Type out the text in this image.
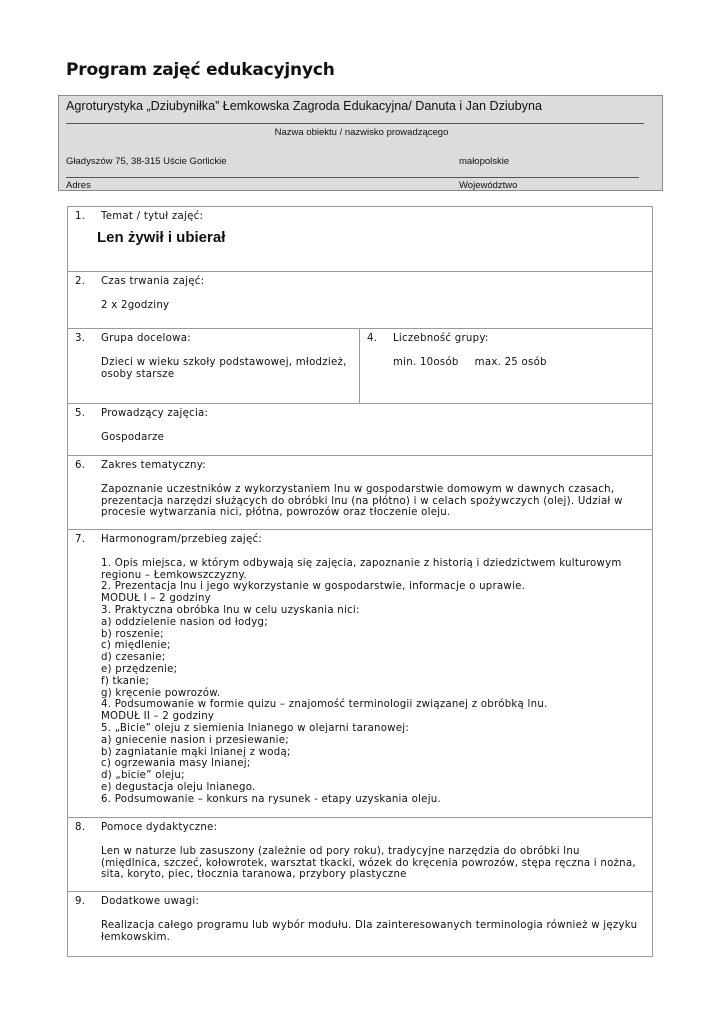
Program zajęć edukacyjnych
Agroturystyka „Dziubyniłka” Łemkowska Zagroda Edukacyjna/ Danuta i Jan Dziubyna
Nazwa obiektu / nazwisko prowadzącego
Gładyszów 75, 38-315 Uście Gorlickie	małopolskie
Adres	Województwo
1. Temat / tytuł zajęć:
Len żywił i ubierał

2. Czas trwania zajęć:
2 x 2godziny

3. Grupa docelowa:
Dzieci w wieku szkoły podstawowej, młodzież, osoby starsze

4. Liczebność grupy:
min. 10osób max. 25 osób

5. Prowadzący zajęcia:
Gospodarze

6. Zakres tematyczny:
Zapoznanie uczestników z wykorzystaniem lnu w gospodarstwie domowym w dawnych czasach, prezentacja narzędzi służących do obróbki lnu (na płótno) i w celach spożywczych (olej). Udział w procesie wytwarzania nici, płótna, powrozów oraz tłoczenie oleju.

7. Harmonogram/przebieg zajęć:
1. Opis miejsca, w którym odbywają się zajęcia, zapoznanie z historią i dziedzictwem kulturowym regionu – Łemkowszczyzny.
2. Prezentacja lnu i jego wykorzystanie w gospodarstwie, informacje o uprawie.
MODUŁ I – 2 godziny
3. Praktyczna obróbka lnu w celu uzyskania nici:
a) oddzielenie nasion od łodyg;
b) roszenie;
c) międlenie;
d) czesanie;
e) przędzenie;
f) tkanie;
g) kręcenie powrozów.
4. Podsumowanie w formie quizu – znajomość terminologii związanej z obróbką lnu.
MODUŁ II – 2 godziny
5. „Bicie” oleju z siemienia lnianego w olejarni taranowej:
a) gniecenie nasion i przesiewanie;
b) zagniatanie mąki lnianej z wodą;
c) ogrzewania masy lnianej;
d) „bicie” oleju;
e) degustacja oleju lnianego.
6. Podsumowanie – konkurs na rysunek - etapy uzyskania oleju.

8. Pomoce dydaktyczne:
Len w naturze lub zasuszony (zależnie od pory roku), tradycyjne narzędzia do obróbki lnu (międlnica, szczeć, kołowrotek, warsztat tkacki, wózek do kręcenia powrozów, stępa ręczna i nożna, sita, koryto, piec, tłocznia taranowa, przybory plastyczne

9. Dodatkowe uwagi:
Realizacja całego programu lub wybór modułu. Dla zainteresowanych terminologia również w języku łemkowskim.
